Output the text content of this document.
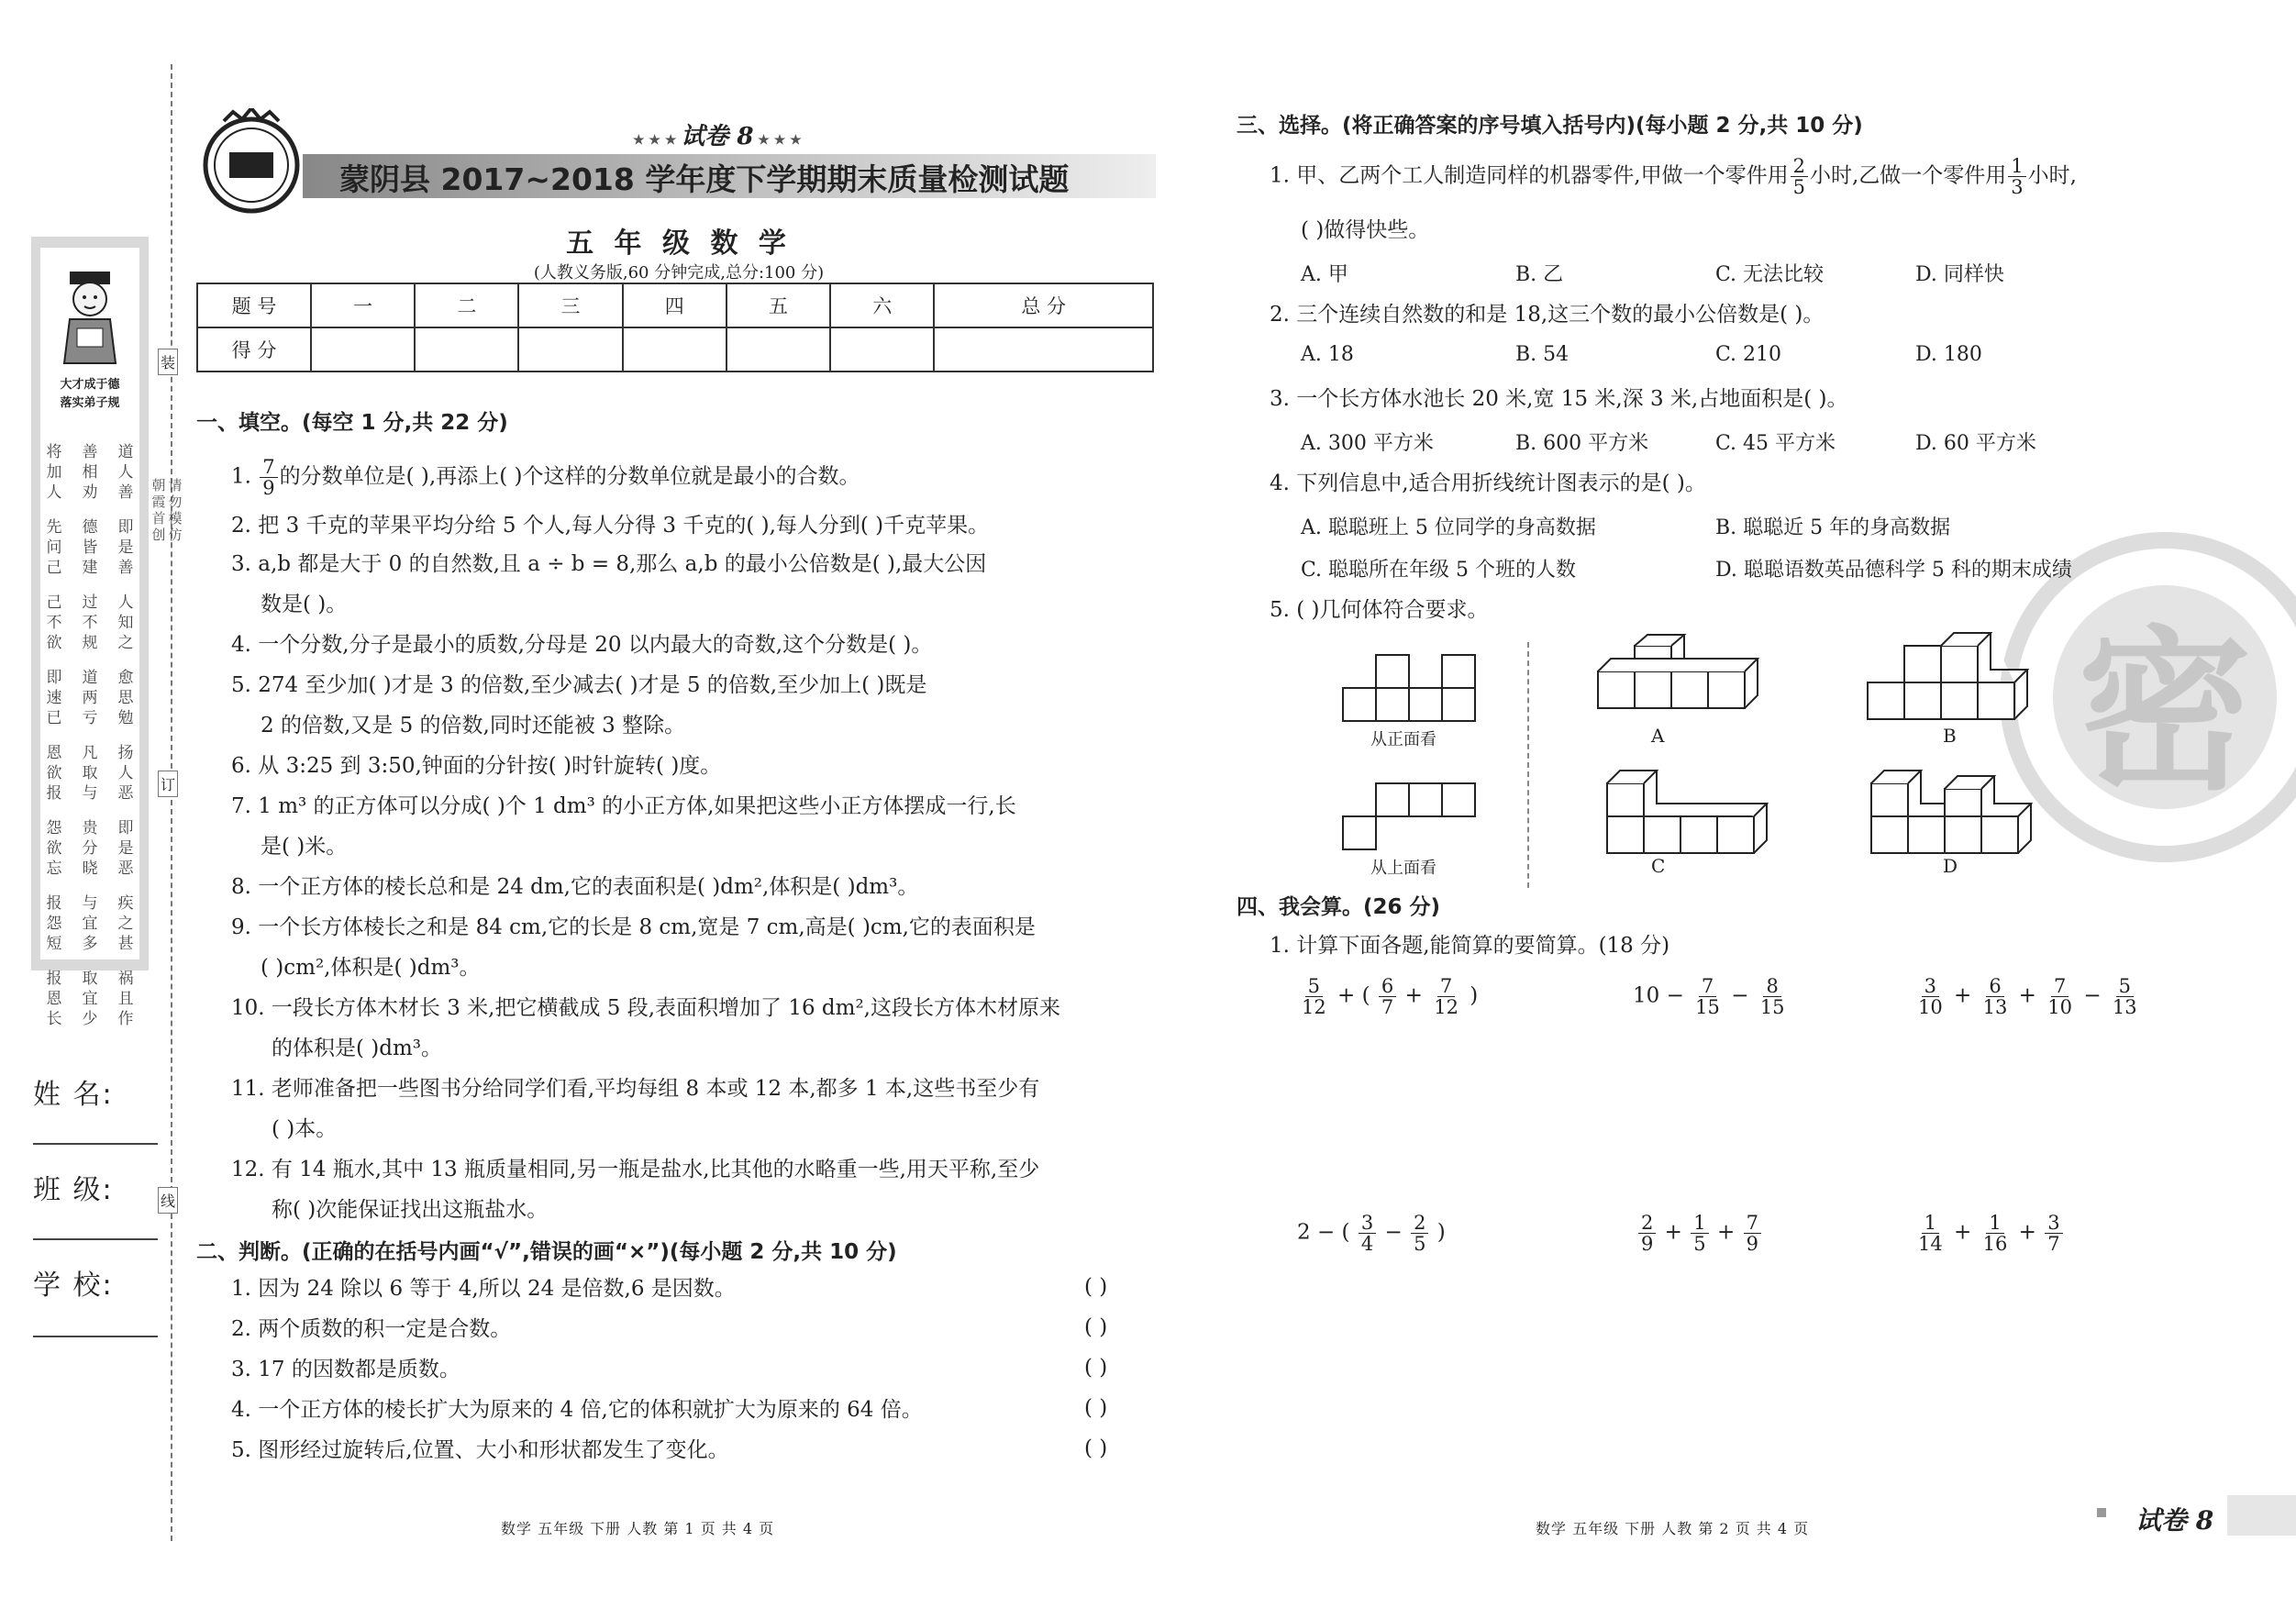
大才成于德
落实弟子规
将
加
人
善
相
劝
道
人
善
先
问
己
德
皆
建
即
是
善
己
不
欲
过
不
规
人
知
之
即
速
已
道
两
亏
愈
思
勉
恩
欲
报
凡
取
与
扬
人
恶
怨
欲
忘
贵
分
晓
即
是
恶
报
怨
短
与
宜
多
疾
之
甚
报
恩
长
取
宜
少
祸
且
作
姓 名:
班 级:
学 校:
装
订
线
朝霞首创请勿模仿
★ ★ ★ 试卷 8 ★ ★ ★
蒙阴县 2017~2018 学年度下学期期末质量检测试题
五 年 级 数 学
(人教义务版,60 分钟完成,总分:100 分)
题 号	一	二	三	四	五	六	总 分
得 分							
一、填空。(每空 1 分,共 22 分)
1. $\frac{7}{9}$ 的分数单位是( ),再添上( )个这样的分数单位就是最小的合数。
2. 把 3 千克的苹果平均分给 5 个人,每人分得 3 千克的( ),每人分到( )千克苹果。
3. a,b 都是大于 0 的自然数,且 a ÷ b = 8,那么 a,b 的最小公倍数是( ),最大公因
数是( )。
4. 一个分数,分子是最小的质数,分母是 20 以内最大的奇数,这个分数是( )。
5. 274 至少加( )才是 3 的倍数,至少减去( )才是 5 的倍数,至少加上( )既是
2 的倍数,又是 5 的倍数,同时还能被 3 整除。
6. 从 3:25 到 3:50,钟面的分针按( )时针旋转( )度。
7. 1 m³ 的正方体可以分成( )个 1 dm³ 的小正方体,如果把这些小正方体摆成一行,长
是( )米。
8. 一个正方体的棱长总和是 24 dm,它的表面积是( )dm²,体积是( )dm³。
9. 一个长方体棱长之和是 84 cm,它的长是 8 cm,宽是 7 cm,高是( )cm,它的表面积是
( )cm²,体积是( )dm³。
10. 一段长方体木材长 3 米,把它横截成 5 段,表面积增加了 16 dm²,这段长方体木材原来
的体积是( )dm³。
11. 老师准备把一些图书分给同学们看,平均每组 8 本或 12 本,都多 1 本,这些书至少有
( )本。
12. 有 14 瓶水,其中 13 瓶质量相同,另一瓶是盐水,比其他的水略重一些,用天平称,至少
称( )次能保证找出这瓶盐水。
二、判断。(正确的在括号内画“√”,错误的画“×”)(每小题 2 分,共 10 分)
1. 因为 24 除以 6 等于 4,所以 24 是倍数,6 是因数。	( )
2. 两个质数的积一定是合数。	( )
3. 17 的因数都是质数。	( )
4. 一个正方体的棱长扩大为原来的 4 倍,它的体积就扩大为原来的 64 倍。	( )
5. 图形经过旋转后,位置、大小和形状都发生了变化。	( )
数学 五年级 下册 人教 第 1 页 共 4 页
密
三、选择。(将正确答案的序号填入括号内)(每小题 2 分,共 10 分)
1. 甲、乙两个工人制造同样的机器零件,甲做一个零件用 $\frac{2}{5}$ 小时,乙做一个零件用 $\frac{1}{3}$ 小时,
( )做得快些。
A. 甲	B. 乙	C. 无法比较	D. 同样快
2. 三个连续自然数的和是 18,这三个数的最小公倍数是( )。
A. 18	B. 54	C. 210	D. 180
3. 一个长方体水池长 20 米,宽 15 米,深 3 米,占地面积是( )。
A. 300 平方米	B. 600 平方米	C. 45 平方米	D. 60 平方米
4. 下列信息中,适合用折线统计图表示的是( )。
A. 聪聪班上 5 位同学的身高数据	B. 聪聪近 5 年的身高数据
C. 聪聪所在年级 5 个班的人数	D. 聪聪语数英品德科学 5 科的期末成绩
5. ( )几何体符合要求。
从正面看
从上面看
A	B
C	D
四、我会算。(26 分)
1. 计算下面各题,能简算的要简算。(18 分)
$\frac{5}{12}$ + ( $\frac{6}{7} + \frac{7}{12}$ )	$10 - \frac{7}{15} - \frac{8}{15}$	$\frac{3}{10} + \frac{6}{13} + \frac{7}{10} - \frac{5}{13}$
2 − ( $\frac{3}{4} - \frac{2}{5}$ )	$\frac{2}{9} + \frac{1}{5} + \frac{7}{9}$	$\frac{1}{14} + \frac{1}{16} + \frac{3}{7}$
数学 五年级 下册 人教 第 2 页 共 4 页	试卷 8
